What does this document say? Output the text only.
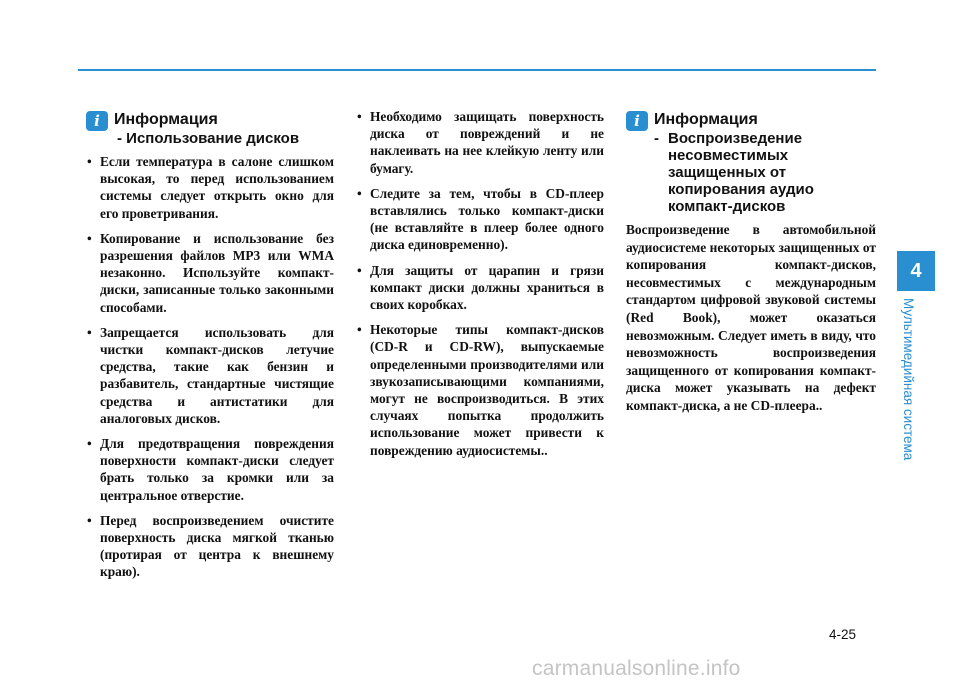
i Информация
- Использование дисков
• Если температура в салоне слишком высокая, то перед использованием системы следует открыть окно для его проветривания.
• Копирование и использование без разрешения файлов MP3 или WMA незаконно. Используйте компакт-диски, записанные только законными способами.
• Запрещается использовать для чистки компакт-дисков летучие средства, такие как бензин и разбавитель, стандартные чистящие средства и антистатики для аналоговых дисков.
• Для предотвращения повреждения поверхности компакт-диски следует брать только за кромки или за центральное отверстие.
• Перед воспроизведением очистите поверхность диска мягкой тканью (протирая от центра к внешнему краю).
• Необходимо защищать поверхность диска от повреждений и не наклеивать на нее клейкую ленту или бумагу.
• Следите за тем, чтобы в CD-плеер вставлялись только компакт-диски (не вставляйте в плеер более одного диска единовременно).
• Для защиты от царапин и грязи компакт диски должны храниться в своих коробках.
• Некоторые типы компакт-дисков (CD-R и CD-RW), выпускаемые определенными производителями или звукозаписывающими компаниями, могут не воспроизводиться. В этих случаях попытка продолжить использование может привести к повреждению аудиосистемы..
i Информация
- Воспроизведение несовместимых защищенных от копирования аудио компакт-дисков
Воспроизведение в автомобильной аудиосистеме некоторых защищенных от копирования компакт-дисков, несовместимых с международным стандартом цифровой звуковой системы (Red Book), может оказаться невозможным. Следует иметь в виду, что невозможность воспроизведения защищенного от копирования компакт-диска может указывать на дефект компакт-диска, а не CD-плеера..
4
Мультимедийная система
4-25
carmanualsonline.info
